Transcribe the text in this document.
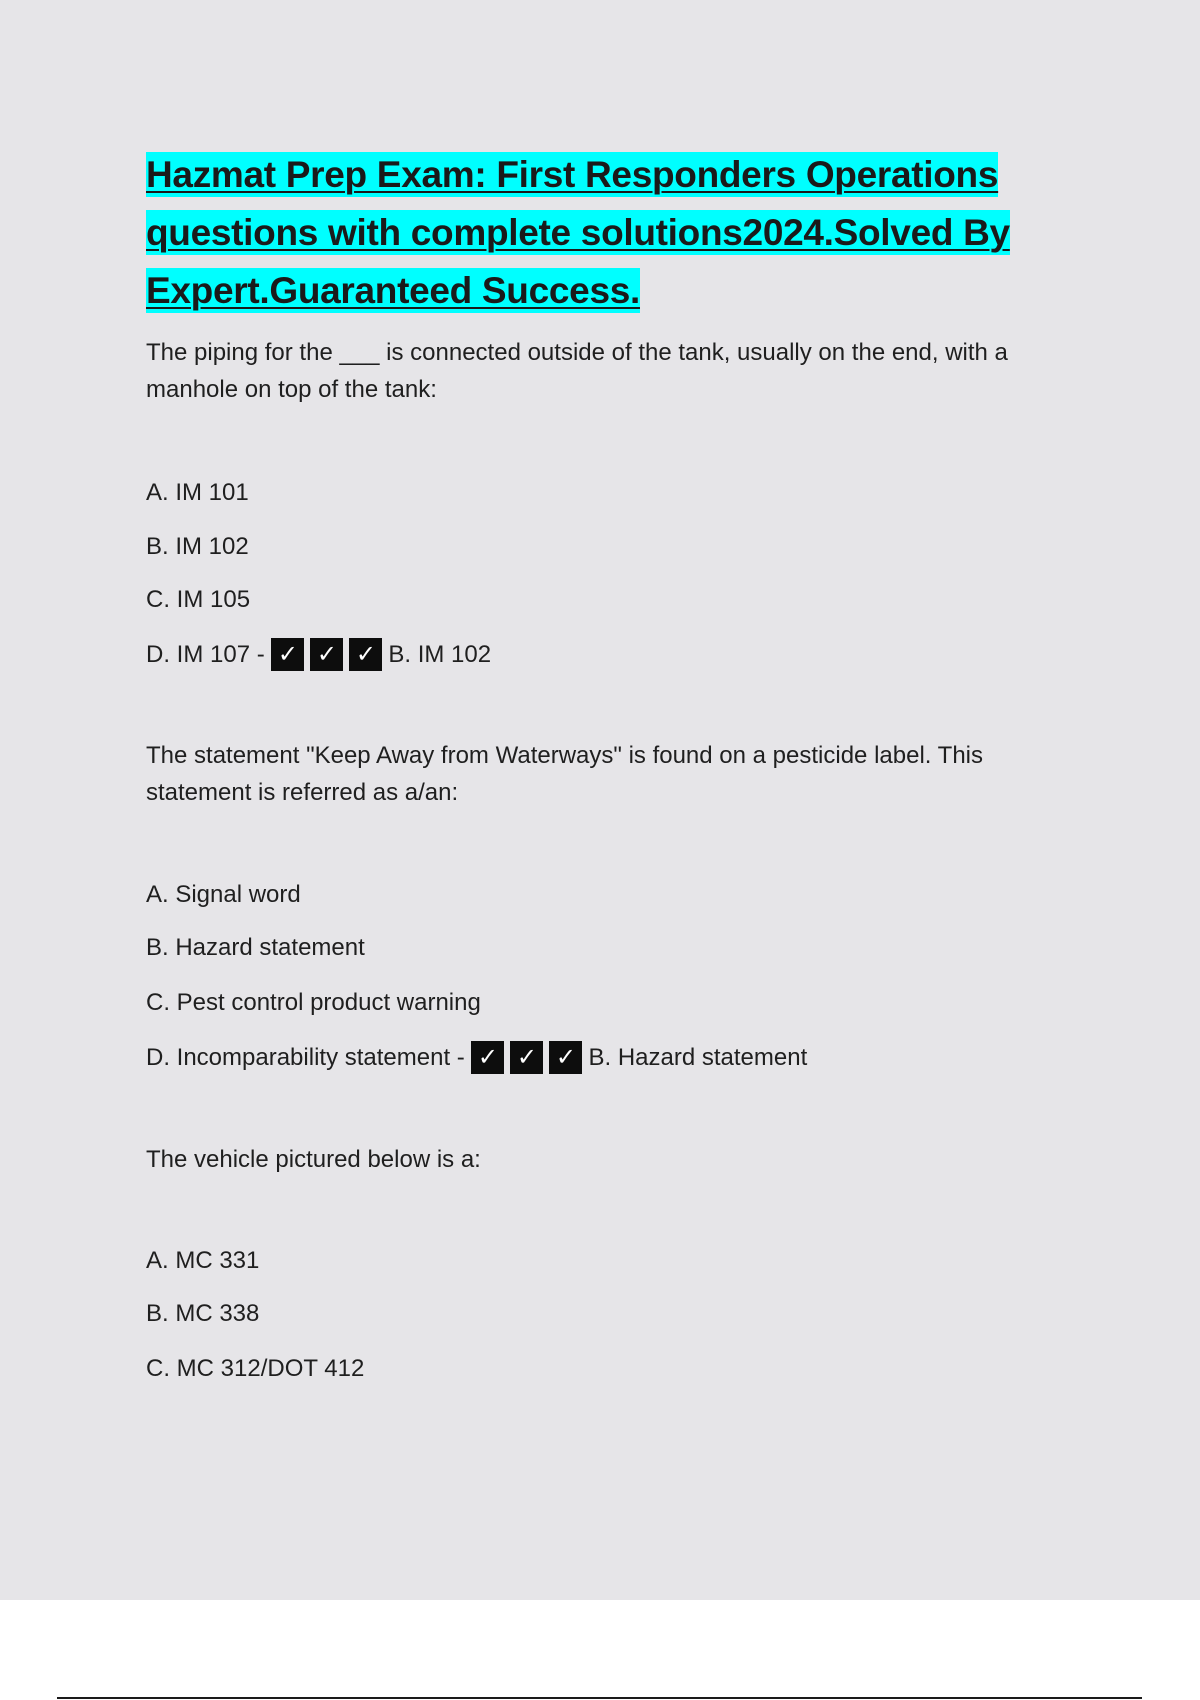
Hazmat Prep Exam: First Responders Operations
questions with complete solutions2024.Solved By
Expert.Guaranteed Success.

The piping for the ___ is connected outside of the tank, usually on the end, with a manhole on top of the tank:

A. IM 101

B. IM 102

C. IM 105

D. IM 107 -
✓ ✓ ✓ B. IM 102

The statement "Keep Away from Waterways" is found on a pesticide label. This statement is referred as a/an:

A. Signal word

B. Hazard statement

C. Pest control product warning

D. Incomparability statement -
✓ ✓ ✓ B. Hazard statement

The vehicle pictured below is a:

A. MC 331

B. MC 338

C. MC 312/DOT 412
